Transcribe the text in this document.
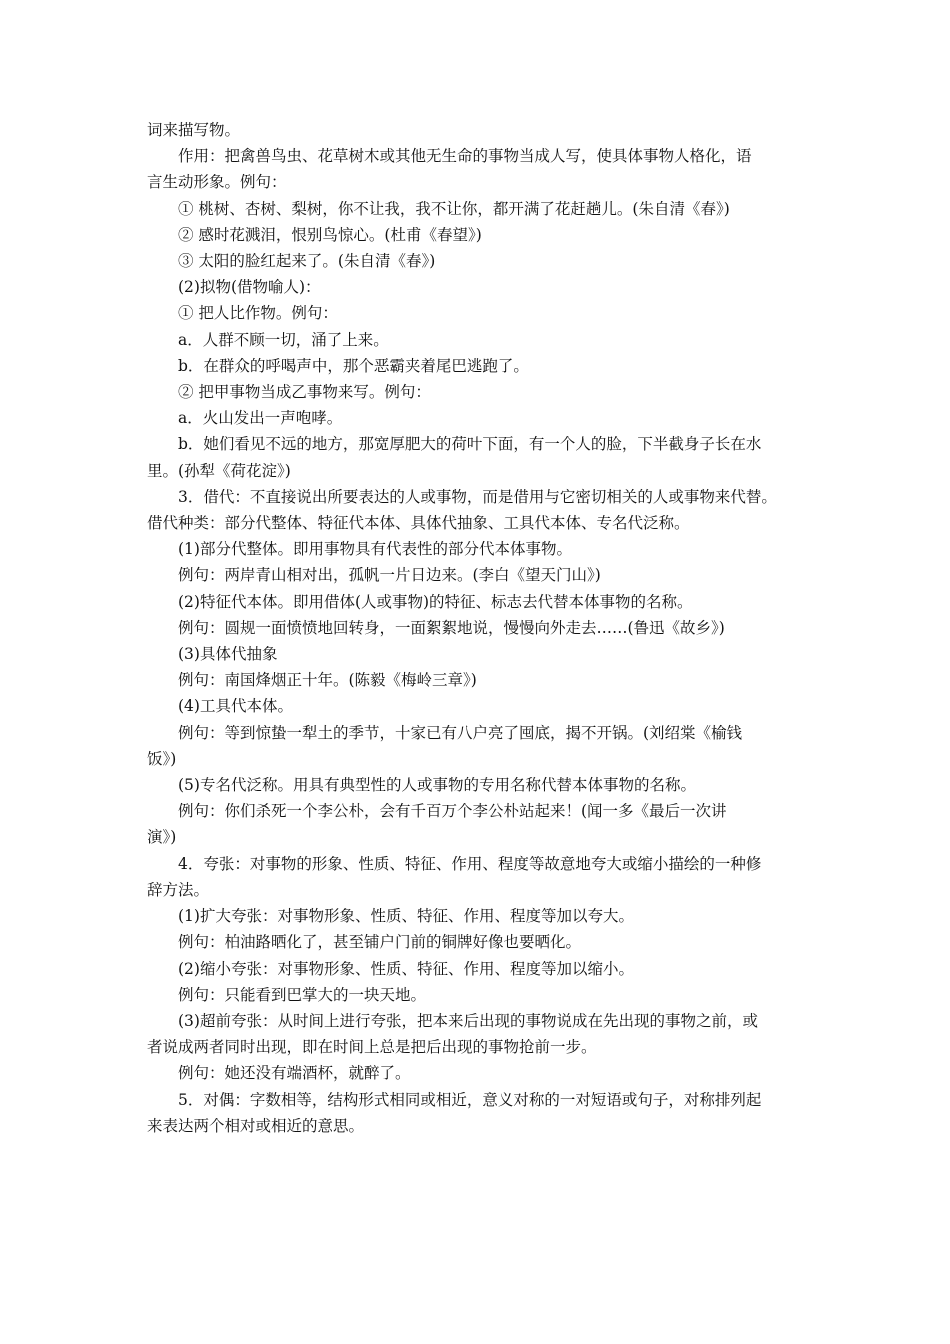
词来描写物。

作用：把禽兽鸟虫、花草树木或其他无生命的事物当成人写，使具体事物人格化，语

言生动形象。例句：

① 桃树、杏树、梨树，你不让我，我不让你，都开满了花赶趟儿。(朱自清《春》)

② 感时花溅泪，恨别鸟惊心。(杜甫《春望》)

③ 太阳的脸红起来了。(朱自清《春》)

(2)拟物(借物喻人)：

① 把人比作物。例句：

a．人群不顾一切，涌了上来。

b．在群众的呼喝声中，那个恶霸夹着尾巴逃跑了。

② 把甲事物当成乙事物来写。例句：

a．火山发出一声咆哮。

b．她们看见不远的地方，那宽厚肥大的荷叶下面，有一个人的脸，下半截身子长在水

里。(孙犁《荷花淀》)

3．借代：不直接说出所要表达的人或事物，而是借用与它密切相关的人或事物来代替。

借代种类：部分代整体、特征代本体、具体代抽象、工具代本体、专名代泛称。

(1)部分代整体。即用事物具有代表性的部分代本体事物。

例句：两岸青山相对出，孤帆一片日边来。(李白《望天门山》)

(2)特征代本体。即用借体(人或事物)的特征、标志去代替本体事物的名称。

例句：圆规一面愤愤地回转身，一面絮絮地说，慢慢向外走去……(鲁迅《故乡》)

(3)具体代抽象

例句：南国烽烟正十年。(陈毅《梅岭三章》)

(4)工具代本体。

例句：等到惊蛰一犁土的季节，十家已有八户亮了囤底，揭不开锅。(刘绍棠《榆钱

饭》)

(5)专名代泛称。用具有典型性的人或事物的专用名称代替本体事物的名称。

例句：你们杀死一个李公朴，会有千百万个李公朴站起来！(闻一多《最后一次讲

演》)

4．夸张：对事物的形象、性质、特征、作用、程度等故意地夸大或缩小描绘的一种修

辞方法。

(1)扩大夸张：对事物形象、性质、特征、作用、程度等加以夸大。

例句：柏油路晒化了，甚至铺户门前的铜牌好像也要晒化。

(2)缩小夸张：对事物形象、性质、特征、作用、程度等加以缩小。

例句：只能看到巴掌大的一块天地。

(3)超前夸张：从时间上进行夸张，把本来后出现的事物说成在先出现的事物之前，或

者说成两者同时出现，即在时间上总是把后出现的事物抢前一步。

例句：她还没有端酒杯，就醉了。

5．对偶：字数相等，结构形式相同或相近，意义对称的一对短语或句子，对称排列起

来表达两个相对或相近的意思。
